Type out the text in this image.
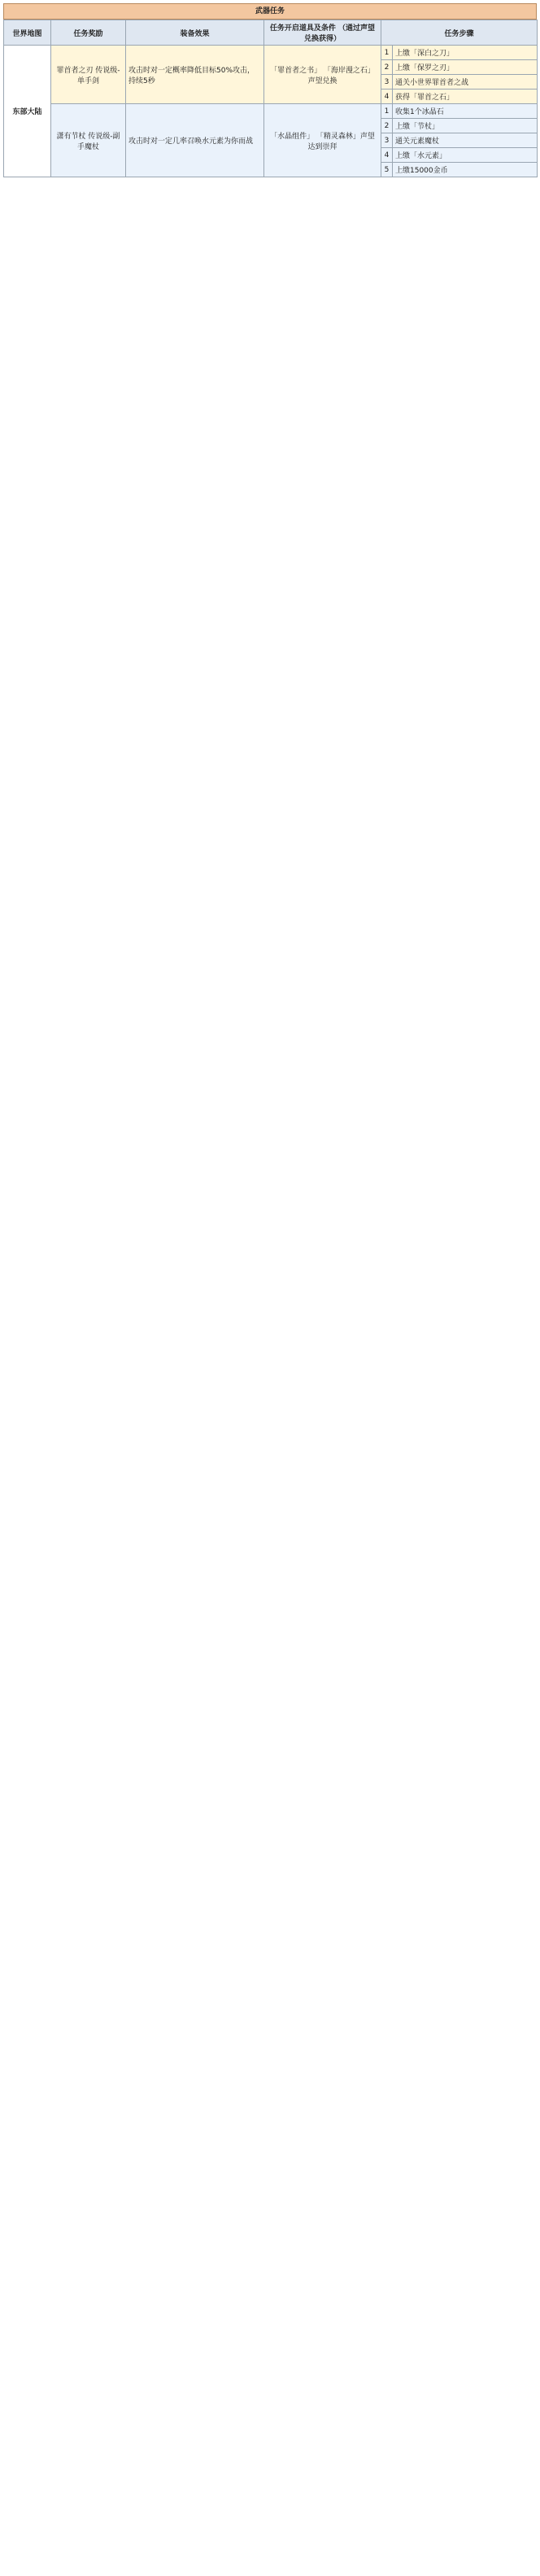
武器任务
世界地图	任务奖励	装备效果	任务开启道具及条件 （通过声望兑换获得）	任务步骤	
东部大陆	罪首者之刃 传说级-单手剑	攻击时对一定概率降低目标50%攻击，持续5秒	「罪首者之书」 「海岸漫之石」声望兑换	1	上缴「深白之刀」
				2	上缴「保罗之刃」
				3	通关小世界罪首者之战
				4	获得「罪首之石」
	潇有节杖 传说级-副手魔杖	攻击时对一定几率召唤水元素为你而战	「水晶组件」 「精灵森林」声望达到崇拜	1	收集1个冰晶石
				2	上缴「节杖」
				3	通关元素魔杖
				4	上缴「水元素」
				5	上缴15000金币
